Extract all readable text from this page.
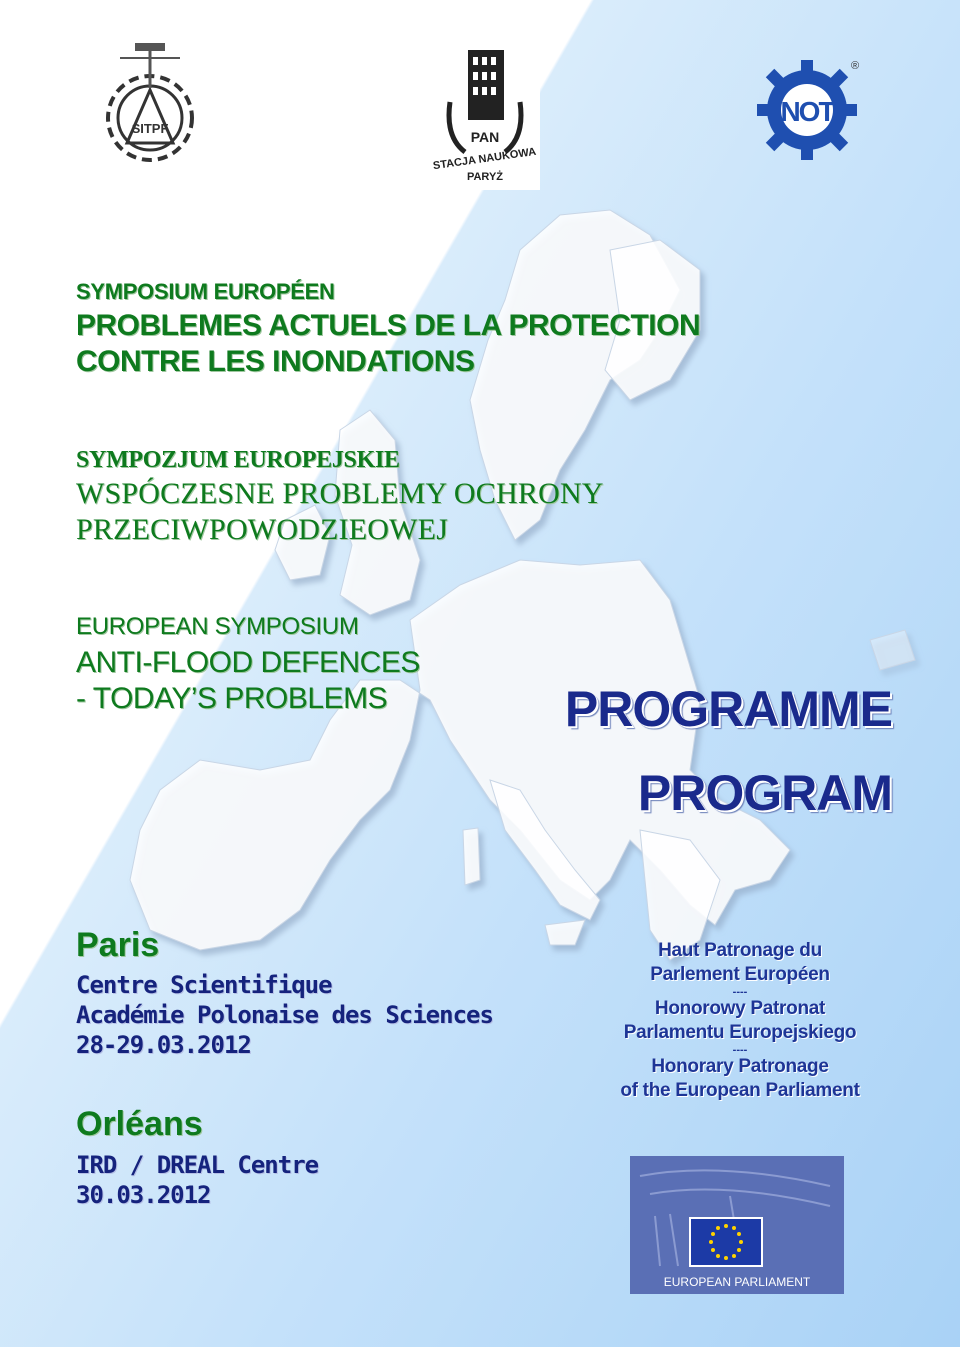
SITPF
PAN
STACJA NAUKOWA
PARYŻ
NOT
®
SYMPOSIUM EUROPÉEN
PROBLEMES ACTUELS DE LA PROTECTION
CONTRE LES INONDATIONS
SYMPOZJUM EUROPEJSKIE
WSPÓCZESNE PROBLEMY OCHRONY
PRZECIWPOWODZIEOWEJ
EUROPEAN SYMPOSIUM
ANTI-FLOOD DEFENCES
- TODAY’S PROBLEMS	PROGRAMME
PROGRAM
Paris
Centre Scientifique
Académie Polonaise des Sciences
28-29.03.2012
Orléans
IRD / DREAL Centre
30.03.2012
Haut Patronage du
Parlement Européen
----
Honorowy Patronat
Parlamentu Europejskiego
----
Honorary Patronage
of the European Parliament
EUROPEAN PARLIAMENT
